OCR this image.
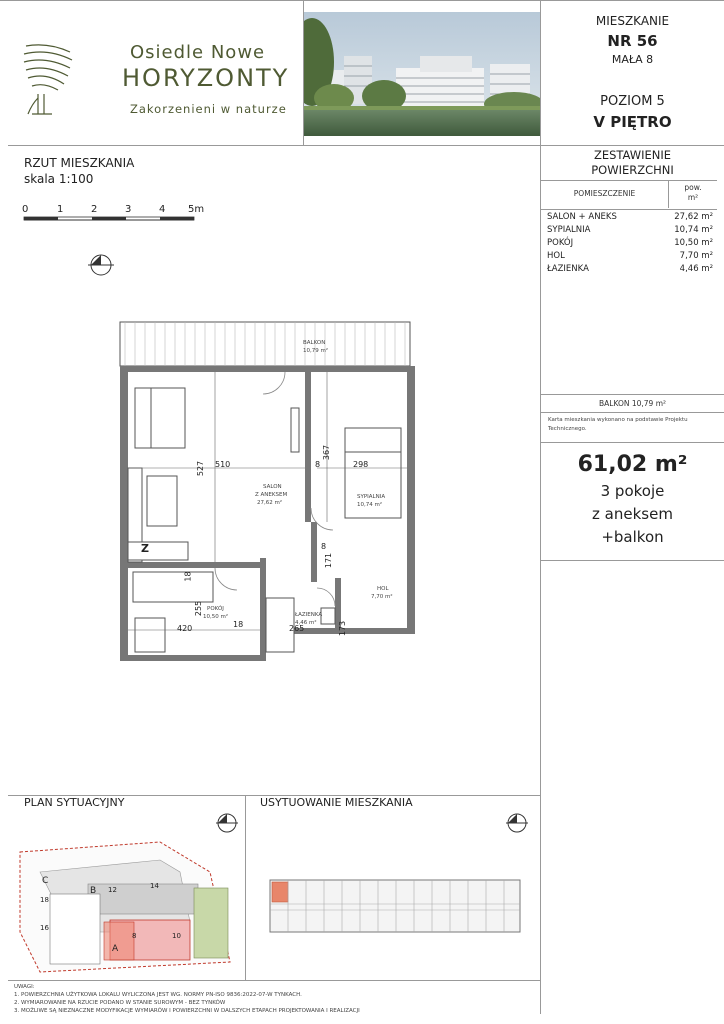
Osiedle Nowe
HORYZONTY
Zakorzenieni w naturze
MIESZKANIE
NR 56
MAŁA 8
POZIOM 5
V PIĘTRO
ZESTAWIENIE
POWIERZCHNI
POMIESZCZENIE
pow.
m²
SALON + ANEKS	27,62 m²
SYPIALNIA	10,74 m²
POKÓJ	10,50 m²
HOL	7,70 m²
ŁAZIENKA	4,46 m²
BALKON 10,79 m²
Karta mieszkania wykonano na podstawie Projektu Technicznego.
61,02 m²
3 pokoje
z aneksem
+balkon
RZUT MIESZKANIA
skala 1:100
0	1	2	3	4 5m
BALKON
10,79 m²
SALON
Z ANEKSEM
27,62 m²
SYPIALNIA
10,74 m²
POKÓJ
10,50 m²	ŁAZIENKA
4,46 m²
HOL
7,70 m²
Z
510
527
367
298
171
18
255
420	18	265	173
8
8
PLAN SYTUACYJNY
C
B 12	14
18
16
A
8	10
USYTUOWANIE MIESZKANIA
UWAGI:
1. POWIERZCHNIA UŻYTKOWA LOKALU WYLICZONA JEST WG. NORMY PN-ISO 9836:2022-07-W TYNKACH.
2. WYMIAROWANIE NA RZUCIE PODANO W STANIE SUROWYM - BEZ TYNKÓW
3. MOŻLIWE SĄ NIEZNACZNE MODYFIKACJE WYMIARÓW I POWIERZCHNI W DALSZYCH ETAPACH PROJEKTOWANIA I REALIZACJI
